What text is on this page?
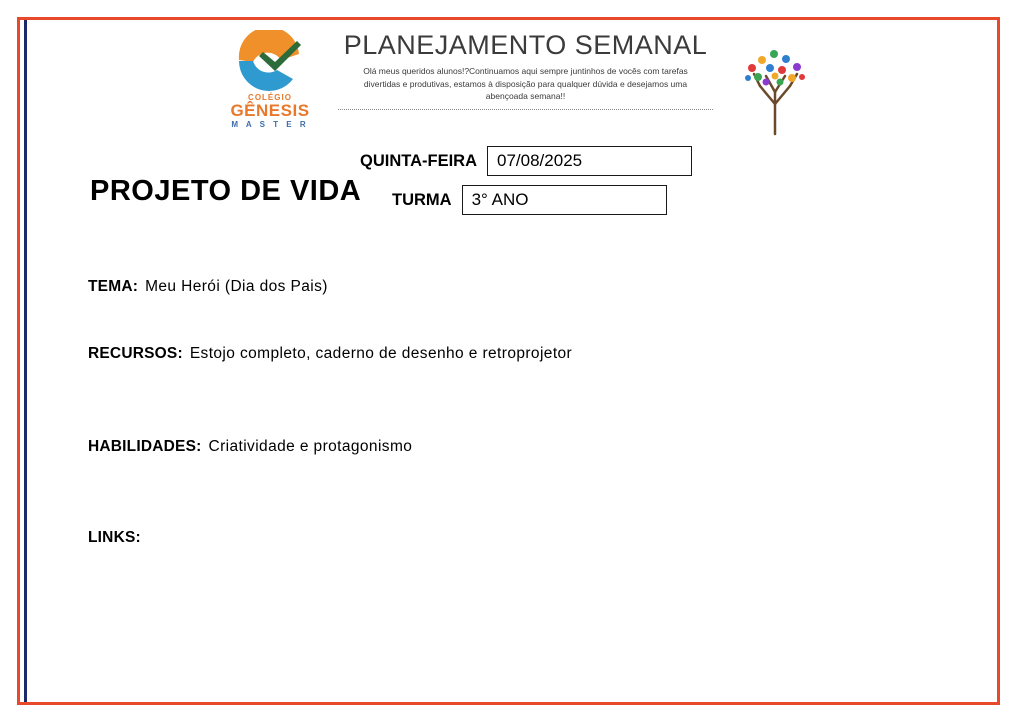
COLÉGIO
GÊNESIS
M A S T E R
PLANEJAMENTO SEMANAL
Olá meus queridos alunos!?Continuamos aqui sempre juntinhos de vocês com tarefas divertidas e produtivas, estamos à disposição para qualquer dúvida e desejamos uma abençoada semana!!
PROJETO DE VIDA
QUINTA-FEIRA	07/08/2025
TURMA	3° ANO
TEMA: Meu Herói (Dia dos Pais)
RECURSOS: Estojo completo, caderno de desenho e retroprojetor
HABILIDADES: Criatividade e protagonismo
LINKS:
